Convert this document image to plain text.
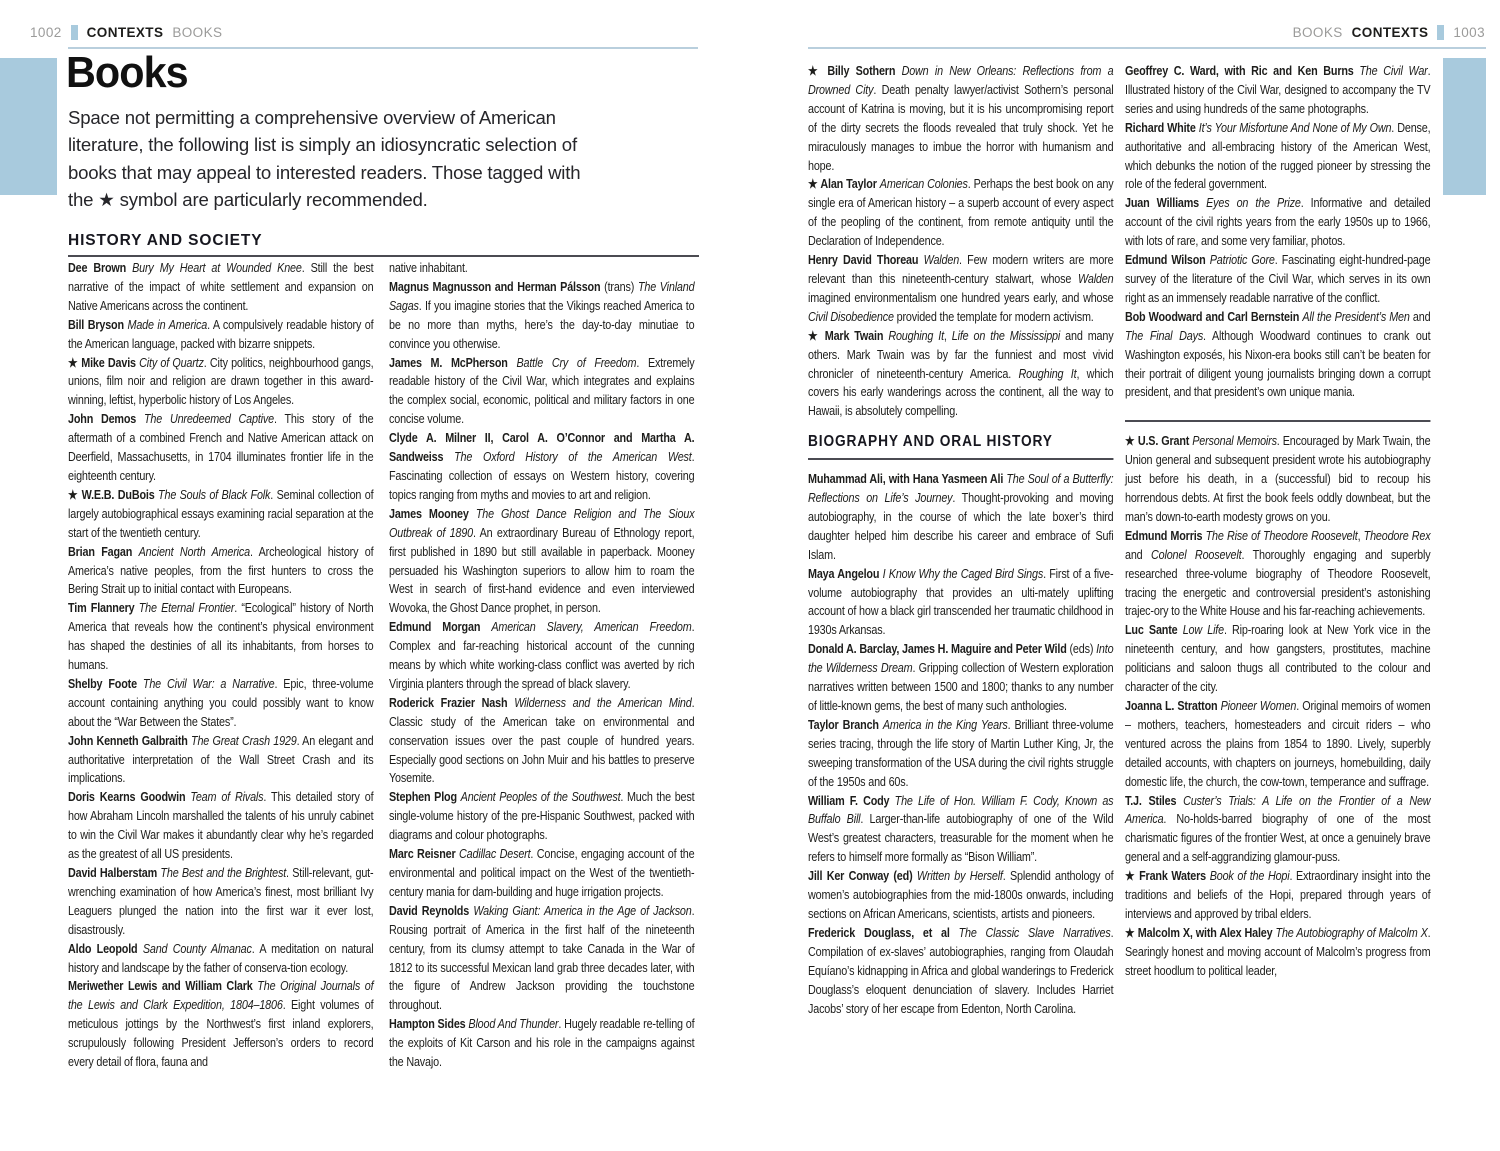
1002 CONTEXTS BOOKS	BOOKS CONTEXTS 1003
Books
Space not permitting a comprehensive overview of American literature, the following list is simply an idiosyncratic selection of books that may appeal to interested readers. Those tagged with the ★ symbol are particularly recommended.
HISTORY AND SOCIETY

Dee Brown Bury My Heart at Wounded Knee. Still the best narrative of the impact of white settlement and expansion on Native Americans across the continent.

Bill Bryson Made in America. A compulsively readable history of the American language, packed with bizarre snippets.

★ Mike Davis City of Quartz. City politics, neighbourhood gangs, unions, film noir and religion are drawn together in this award-winning, leftist, hyperbolic history of Los Angeles.

John Demos The Unredeemed Captive. This story of the aftermath of a combined French and Native American attack on Deerfield, Massachusetts, in 1704 illuminates frontier life in the eighteenth century.

★ W.E.B. DuBois The Souls of Black Folk. Seminal collection of largely autobiographical essays examining racial separation at the start of the twentieth century.

Brian Fagan Ancient North America. Archeological history of America’s native peoples, from the first hunters to cross the Bering Strait up to initial contact with Europeans.

Tim Flannery The Eternal Frontier. “Ecological” history of North America that reveals how the continent’s physical environment has shaped the destinies of all its inhabitants, from horses to humans.

Shelby Foote The Civil War: a Narrative. Epic, three-volume account containing anything you could possibly want to know about the “War Between the States”.

John Kenneth Galbraith The Great Crash 1929. An elegant and authoritative interpretation of the Wall Street Crash and its implications.

Doris Kearns Goodwin Team of Rivals. This detailed story of how Abraham Lincoln marshalled the talents of his unruly cabinet to win the Civil War makes it abundantly clear why he’s regarded as the greatest of all US presidents.

David Halberstam The Best and the Brightest. Still-relevant, gut-wrenching examination of how America’s finest, most brilliant Ivy Leaguers plunged the nation into the first war it ever lost, disastrously.

Aldo Leopold Sand County Almanac. A meditation on natural history and landscape by the father of conserva-tion ecology.

Meriwether Lewis and William Clark The Original Journals of the Lewis and Clark Expedition, 1804–1806. Eight volumes of meticulous jottings by the Northwest’s first inland explorers, scrupulously following President Jefferson’s orders to record every detail of flora, fauna and

native inhabitant.

Magnus Magnusson and Herman Pálsson (trans) The Vinland Sagas. If you imagine stories that the Vikings reached America to be no more than myths, here’s the day-to-day minutiae to convince you otherwise.

James M. McPherson Battle Cry of Freedom. Extremely readable history of the Civil War, which integrates and explains the complex social, economic, political and military factors in one concise volume.

Clyde A. Milner II, Carol A. O’Connor and Martha A. Sandweiss The Oxford History of the American West. Fascinating collection of essays on Western history, covering topics ranging from myths and movies to art and religion.

James Mooney The Ghost Dance Religion and The Sioux Outbreak of 1890. An extraordinary Bureau of Ethnology report, first published in 1890 but still available in paperback. Mooney persuaded his Washington superiors to allow him to roam the West in search of first-hand evidence and even interviewed Wovoka, the Ghost Dance prophet, in person.

Edmund Morgan American Slavery, American Freedom. Complex and far-reaching historical account of the cunning means by which white working-class conflict was averted by rich Virginia planters through the spread of black slavery.

Roderick Frazier Nash Wilderness and the American Mind. Classic study of the American take on environmental and conservation issues over the past couple of hundred years. Especially good sections on John Muir and his battles to preserve Yosemite.

Stephen Plog Ancient Peoples of the Southwest. Much the best single-volume history of the pre-Hispanic Southwest, packed with diagrams and colour photographs.

Marc Reisner Cadillac Desert. Concise, engaging account of the environmental and political impact on the West of the twentieth-century mania for dam-building and huge irrigation projects.

David Reynolds Waking Giant: America in the Age of Jackson. Rousing portrait of America in the first half of the nineteenth century, from its clumsy attempt to take Canada in the War of 1812 to its successful Mexican land grab three decades later, with the figure of Andrew Jackson providing the touchstone throughout.

Hampton Sides Blood And Thunder. Hugely readable re-telling of the exploits of Kit Carson and his role in the campaigns against the Navajo.

★ Billy Sothern Down in New Orleans: Reflections from a Drowned City. Death penalty lawyer/activist Sothern’s personal account of Katrina is moving, but it is his uncompromising report of the dirty secrets the floods revealed that truly shock. Yet he miraculously manages to imbue the horror with humanism and hope.

★ Alan Taylor American Colonies. Perhaps the best book on any single era of American history – a superb account of every aspect of the peopling of the continent, from remote antiquity until the Declaration of Independence.

Henry David Thoreau Walden. Few modern writers are more relevant than this nineteenth-century stalwart, whose Walden imagined environmentalism one hundred years early, and whose Civil Disobedience provided the template for modern activism.

★ Mark Twain Roughing It, Life on the Mississippi and many others. Mark Twain was by far the funniest and most vivid chronicler of nineteenth-century America. Roughing It, which covers his early wanderings across the continent, all the way to Hawaii, is absolutely compelling.

BIOGRAPHY AND ORAL HISTORY

Muhammad Ali, with Hana Yasmeen Ali The Soul of a Butterfly: Reflections on Life’s Journey. Thought-provoking and moving autobiography, in the course of which the late boxer’s third daughter helped him describe his career and embrace of Sufi Islam.

Maya Angelou I Know Why the Caged Bird Sings. First of a five-volume autobiography that provides an ulti-mately uplifting account of how a black girl transcended her traumatic childhood in 1930s Arkansas.

Donald A. Barclay, James H. Maguire and Peter Wild (eds) Into the Wilderness Dream. Gripping collection of Western exploration narratives written between 1500 and 1800; thanks to any number of little-known gems, the best of many such anthologies.

Taylor Branch America in the King Years. Brilliant three-volume series tracing, through the life story of Martin Luther King, Jr, the sweeping transformation of the USA during the civil rights struggle of the 1950s and 60s.

William F. Cody The Life of Hon. William F. Cody, Known as Buffalo Bill. Larger-than-life autobiography of one of the Wild West’s greatest characters, treasurable for the moment when he refers to himself more formally as “Bison William”.

Jill Ker Conway (ed) Written by Herself. Splendid anthology of women’s autobiographies from the mid-1800s onwards, including sections on African Americans, scientists, artists and pioneers.

Frederick Douglass, et al The Classic Slave Narratives. Compilation of ex-slaves’ autobiographies, ranging from Olaudah Equíano’s kidnapping in Africa and global wanderings to Frederick Douglass’s eloquent denunciation of slavery. Includes Harriet Jacobs’ story of her escape from Edenton, North Carolina.

Geoffrey C. Ward, with Ric and Ken Burns The Civil War. Illustrated history of the Civil War, designed to accompany the TV series and using hundreds of the same photographs.

Richard White It’s Your Misfortune And None of My Own. Dense, authoritative and all-embracing history of the American West, which debunks the notion of the rugged pioneer by stressing the role of the federal government.

Juan Williams Eyes on the Prize. Informative and detailed account of the civil rights years from the early 1950s up to 1966, with lots of rare, and some very familiar, photos.

Edmund Wilson Patriotic Gore. Fascinating eight-hundred-page survey of the literature of the Civil War, which serves in its own right as an immensely readable narrative of the conflict.

Bob Woodward and Carl Bernstein All the President’s Men and The Final Days. Although Woodward continues to crank out Washington exposés, his Nixon-era books still can’t be beaten for their portrait of diligent young journalists bringing down a corrupt president, and that president’s own unique mania.

★ U.S. Grant Personal Memoirs. Encouraged by Mark Twain, the Union general and subsequent president wrote his autobiography just before his death, in a (successful) bid to recoup his horrendous debts. At first the book feels oddly downbeat, but the man’s down-to-earth modesty grows on you.

Edmund Morris The Rise of Theodore Roosevelt, Theodore Rex and Colonel Roosevelt. Thoroughly engaging and superbly researched three-volume biography of Theodore Roosevelt, tracing the energetic and controversial president’s astonishing trajec-ory to the White House and his far-reaching achievements.

Luc Sante Low Life. Rip-roaring look at New York vice in the nineteenth century, and how gangsters, prostitutes, machine politicians and saloon thugs all contributed to the colour and character of the city.

Joanna L. Stratton Pioneer Women. Original memoirs of women – mothers, teachers, homesteaders and circuit riders – who ventured across the plains from 1854 to 1890. Lively, superbly detailed accounts, with chapters on journeys, homebuilding, daily domestic life, the church, the cow-town, temperance and suffrage.

T.J. Stiles Custer’s Trials: A Life on the Frontier of a New America. No-holds-barred biography of one of the most charismatic figures of the frontier West, at once a genuinely brave general and a self-aggrandizing glamour-puss.

★ Frank Waters Book of the Hopi. Extraordinary insight into the traditions and beliefs of the Hopi, prepared through years of interviews and approved by tribal elders.

★ Malcolm X, with Alex Haley The Autobiography of Malcolm X. Searingly honest and moving account of Malcolm’s progress from street hoodlum to political leader,
